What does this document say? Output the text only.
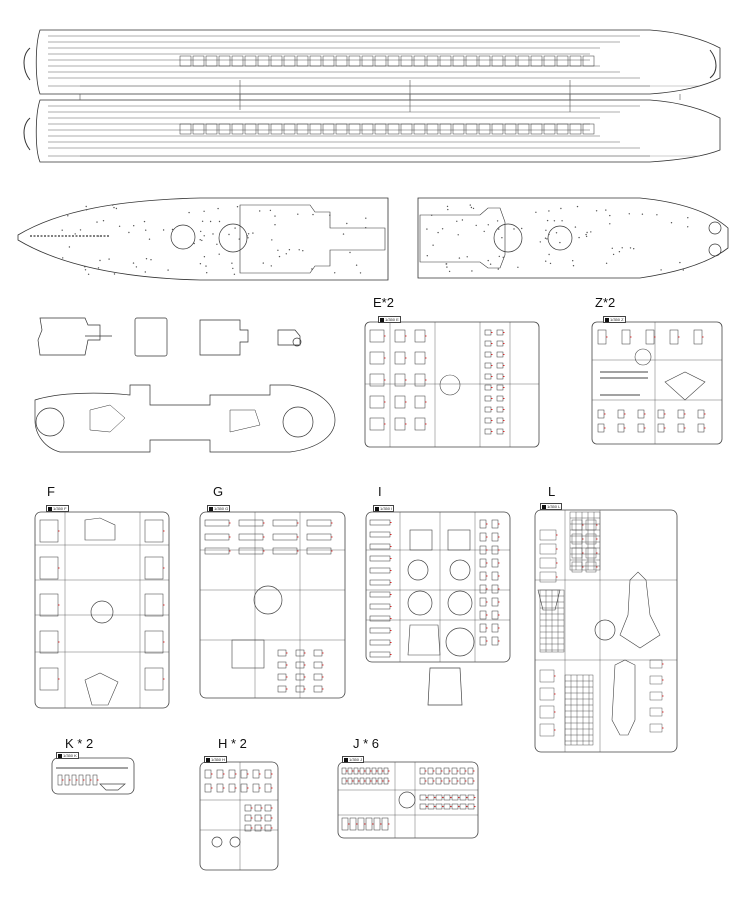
E*2	Z*2
F	G	I	L
K * 2	H * 2	J * 6
1/350 E	1/350 Z
1/350 F	1/350 G	1/350 I	1/350 L
1/350 K
1/350 H	1/350 J
